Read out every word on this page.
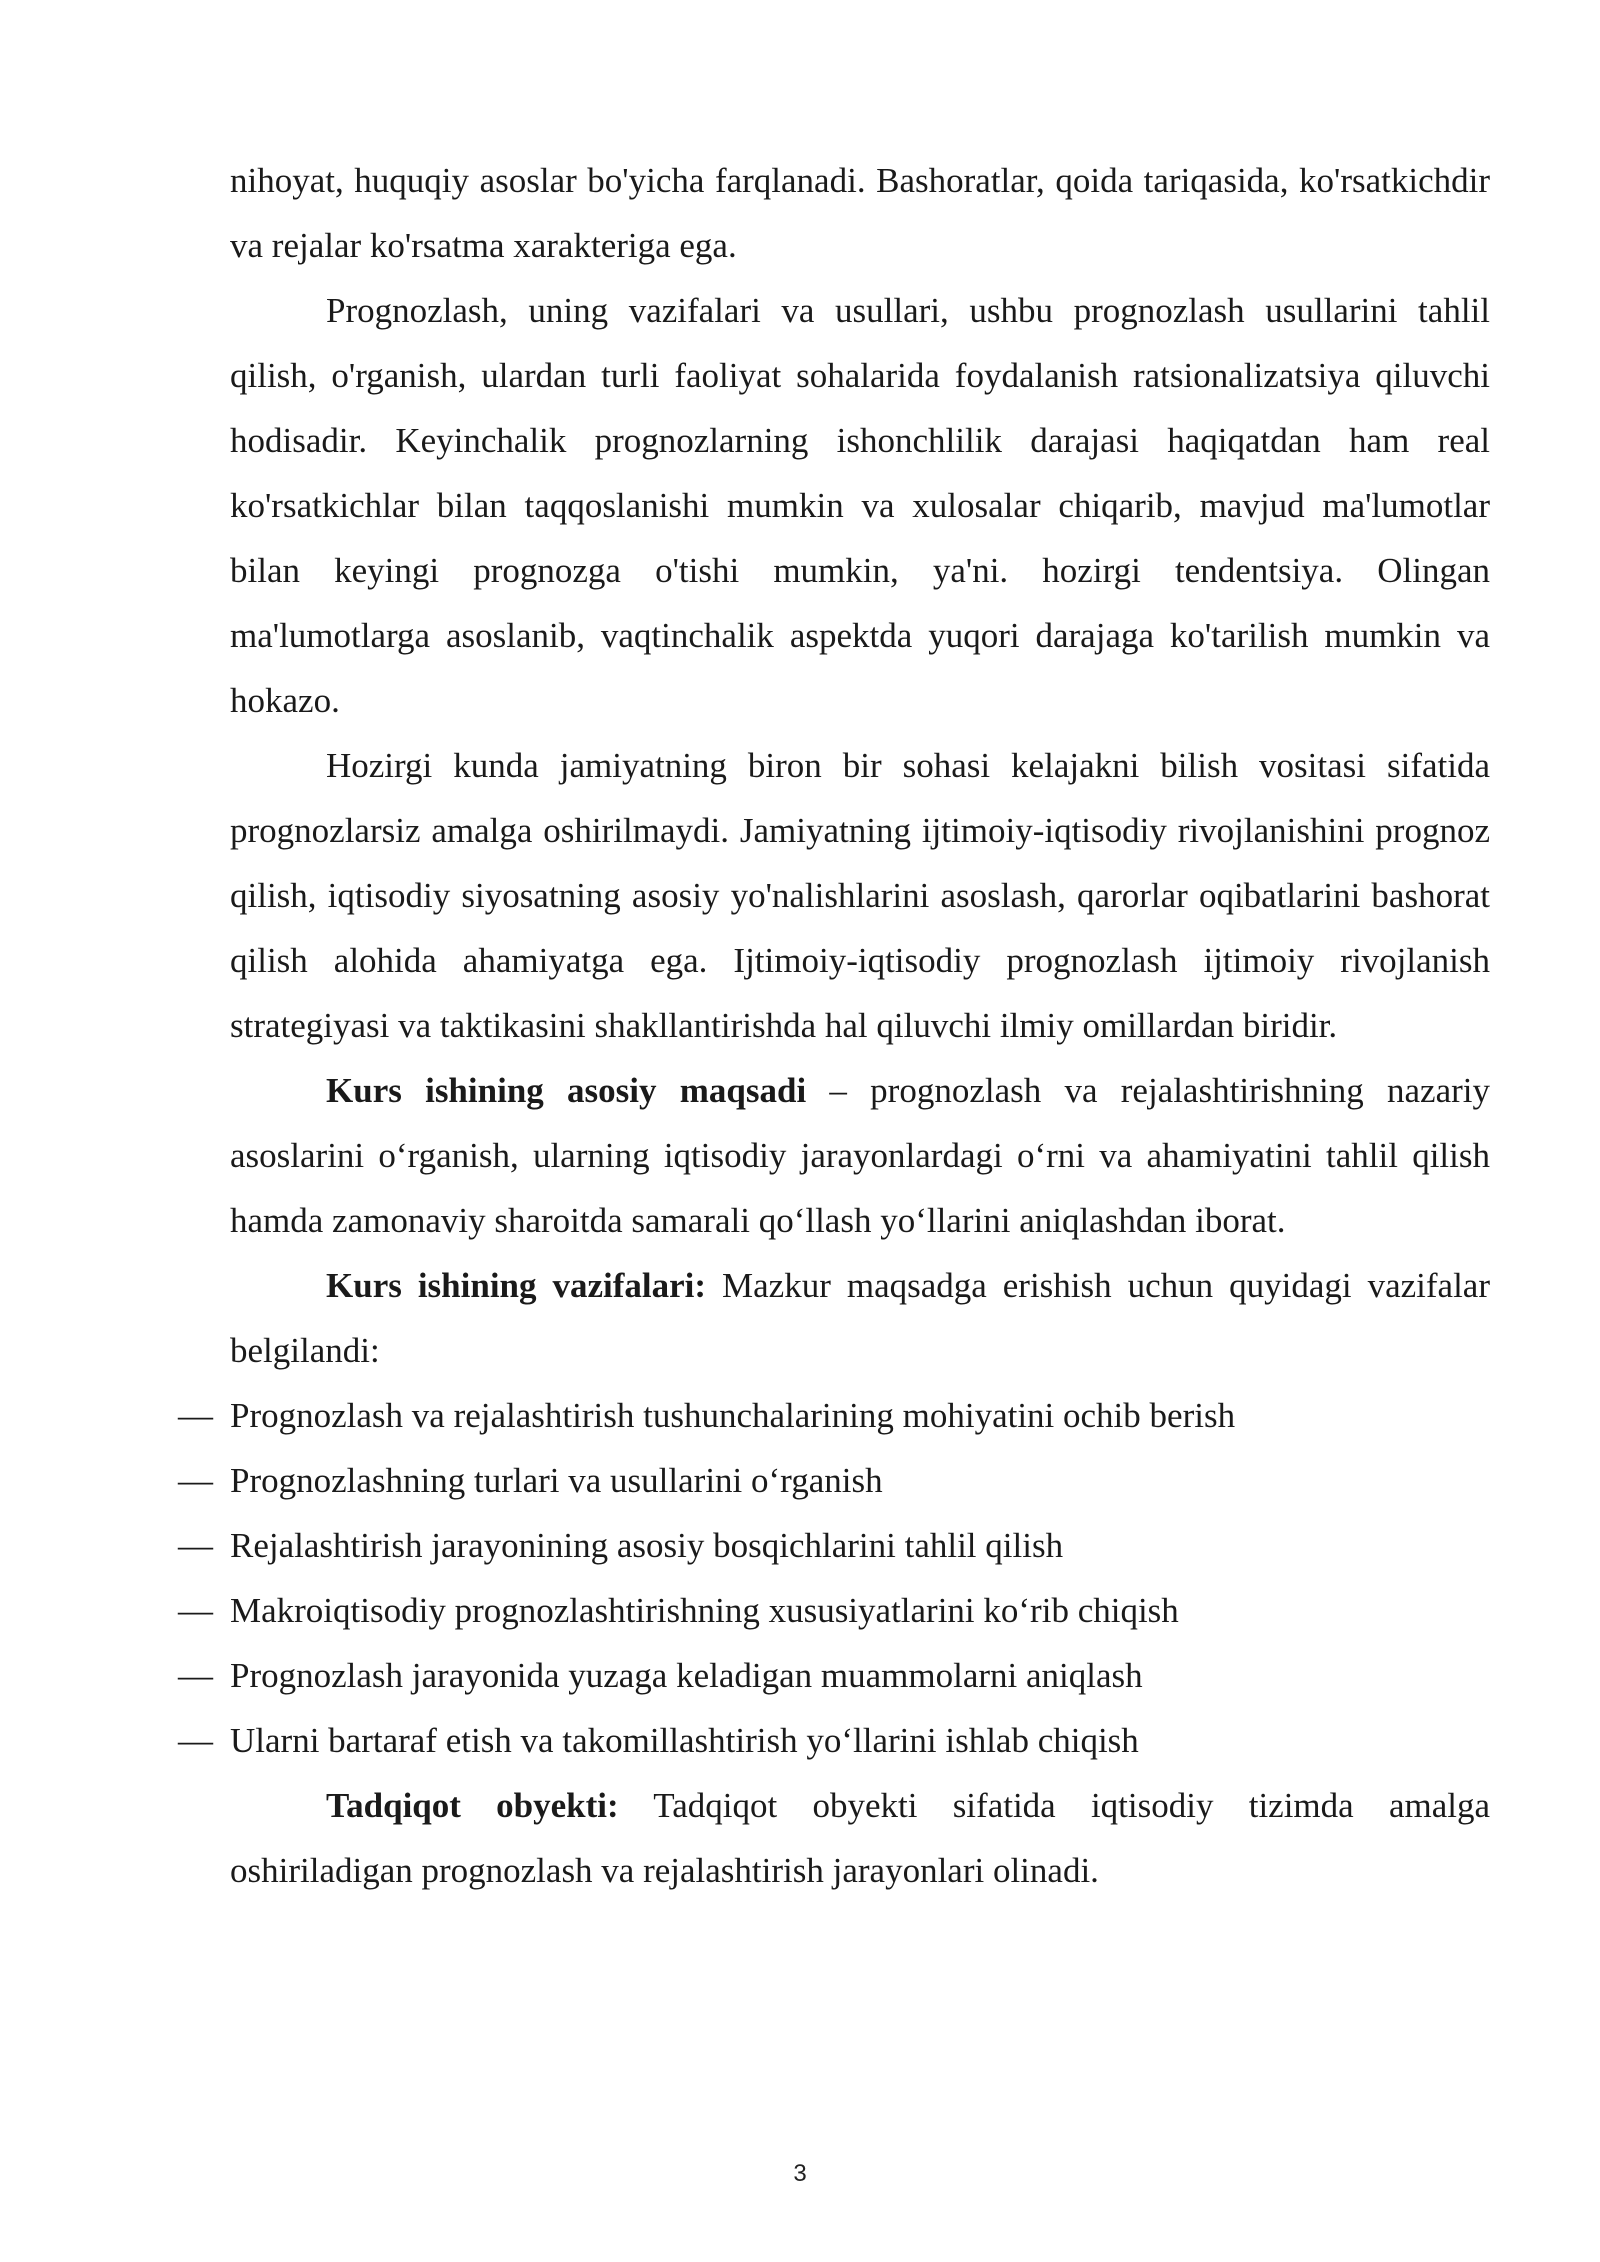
nihoyat, huquqiy asoslar bo'yicha farqlanadi. Bashoratlar, qoida tariqasida, ko'rsatkichdir va rejalar ko'rsatma xarakteriga ega.

Prognozlash, uning vazifalari va usullari, ushbu prognozlash usullarini tahlil qilish, o'rganish, ulardan turli faoliyat sohalarida foydalanish ratsionalizatsiya qiluvchi hodisadir. Keyinchalik prognozlarning ishonchlilik darajasi haqiqatdan ham real ko'rsatkichlar bilan taqqoslanishi mumkin va xulosalar chiqarib, mavjud ma'lumotlar bilan keyingi prognozga o'tishi mumkin, ya'ni. hozirgi tendentsiya. Olingan ma'lumotlarga asoslanib, vaqtinchalik aspektda yuqori darajaga ko'tarilish mumkin va hokazo.

Hozirgi kunda jamiyatning biron bir sohasi kelajakni bilish vositasi sifatida prognozlarsiz amalga oshirilmaydi. Jamiyatning ijtimoiy-iqtisodiy rivojlanishini prognoz qilish, iqtisodiy siyosatning asosiy yo'nalishlarini asoslash, qarorlar oqibatlarini bashorat qilish alohida ahamiyatga ega. Ijtimoiy-iqtisodiy prognozlash ijtimoiy rivojlanish strategiyasi va taktikasini shakllantirishda hal qiluvchi ilmiy omillardan biridir.

Kurs ishining asosiy maqsadi – prognozlash va rejalashtirishning nazariy asoslarini o‘rganish, ularning iqtisodiy jarayonlardagi o‘rni va ahamiyatini tahlil qilish hamda zamonaviy sharoitda samarali qo‘llash yo‘llarini aniqlashdan iborat.

Kurs ishining vazifalari: Mazkur maqsadga erishish uchun quyidagi vazifalar belgilandi:

— Prognozlash va rejalashtirish tushunchalarining mohiyatini ochib berish
— Prognozlashning turlari va usullarini o‘rganish
— Rejalashtirish jarayonining asosiy bosqichlarini tahlil qilish
— Makroiqtisodiy prognozlashtirishning xususiyatlarini ko‘rib chiqish
— Prognozlash jarayonida yuzaga keladigan muammolarni aniqlash
— Ularni bartaraf etish va takomillashtirish yo‘llarini ishlab chiqish

Tadqiqot obyekti: Tadqiqot obyekti sifatida iqtisodiy tizimda amalga oshiriladigan prognozlash va rejalashtirish jarayonlari olinadi.

3
